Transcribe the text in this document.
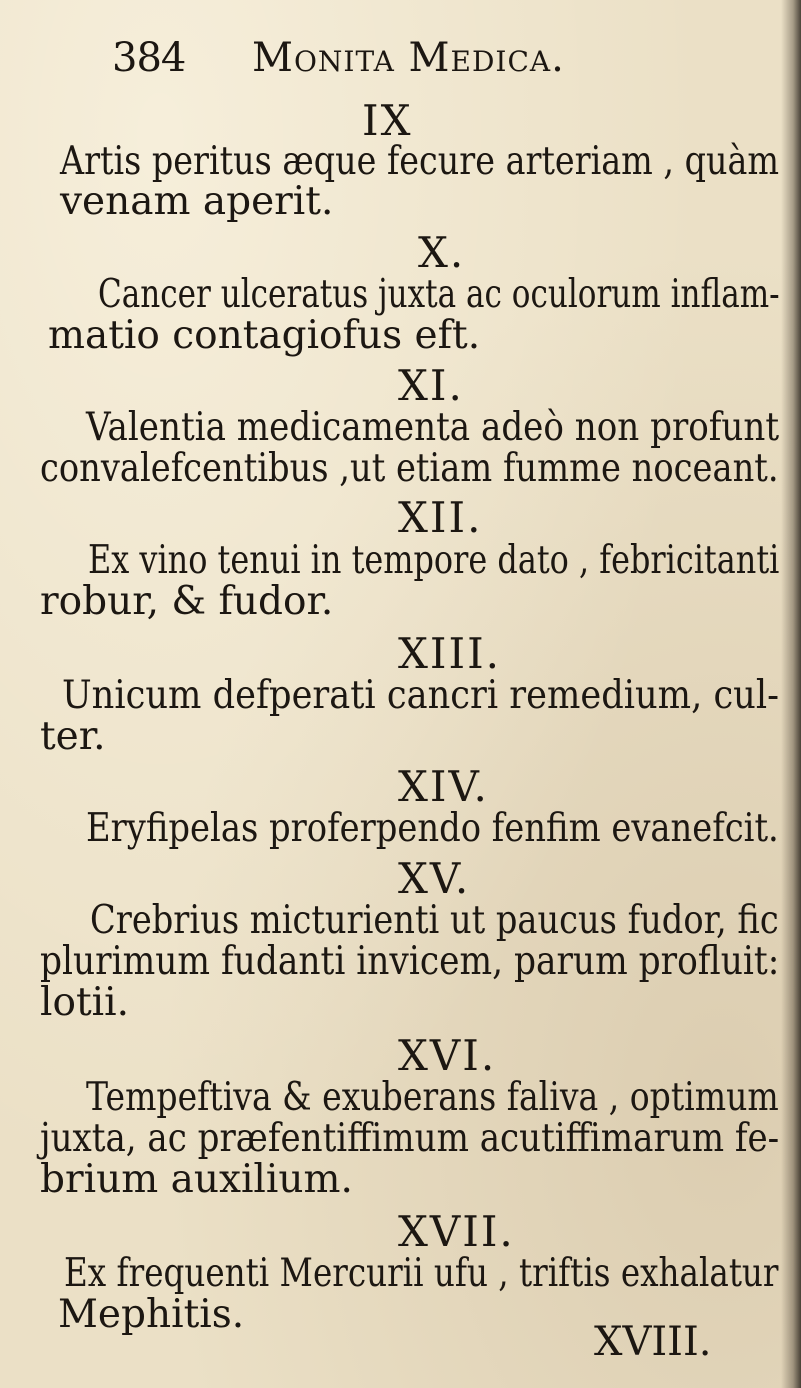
384 Monita Medica.
IX
Artis peritus æque fecure arteriam , quàm
venam aperit.
X.
Cancer ulceratus juxta ac oculorum inflam-
matio contagiofus eft.
XI.
Valentia medicamenta adeò non profunt
convalefcentibus ,ut etiam fumme noceant.
XII.
Ex vino tenui in tempore dato , febricitanti
robur, & fudor.
XIII.
Unicum defperati cancri remedium, cul-
ter.
XIV.
Eryfipelas proferpendo fenfim evanefcit.
XV.
Crebrius micturienti ut paucus fudor, fic
plurimum fudanti invicem, parum profluit:
lotii.
XVI.
Tempeftiva & exuberans faliva , optimum
juxta, ac præfentiffimum acutiffimarum fe-
brium auxilium.
XVII.
Ex frequenti Mercurii ufu , triftis exhalatur
Mephitis.
XVIII.
